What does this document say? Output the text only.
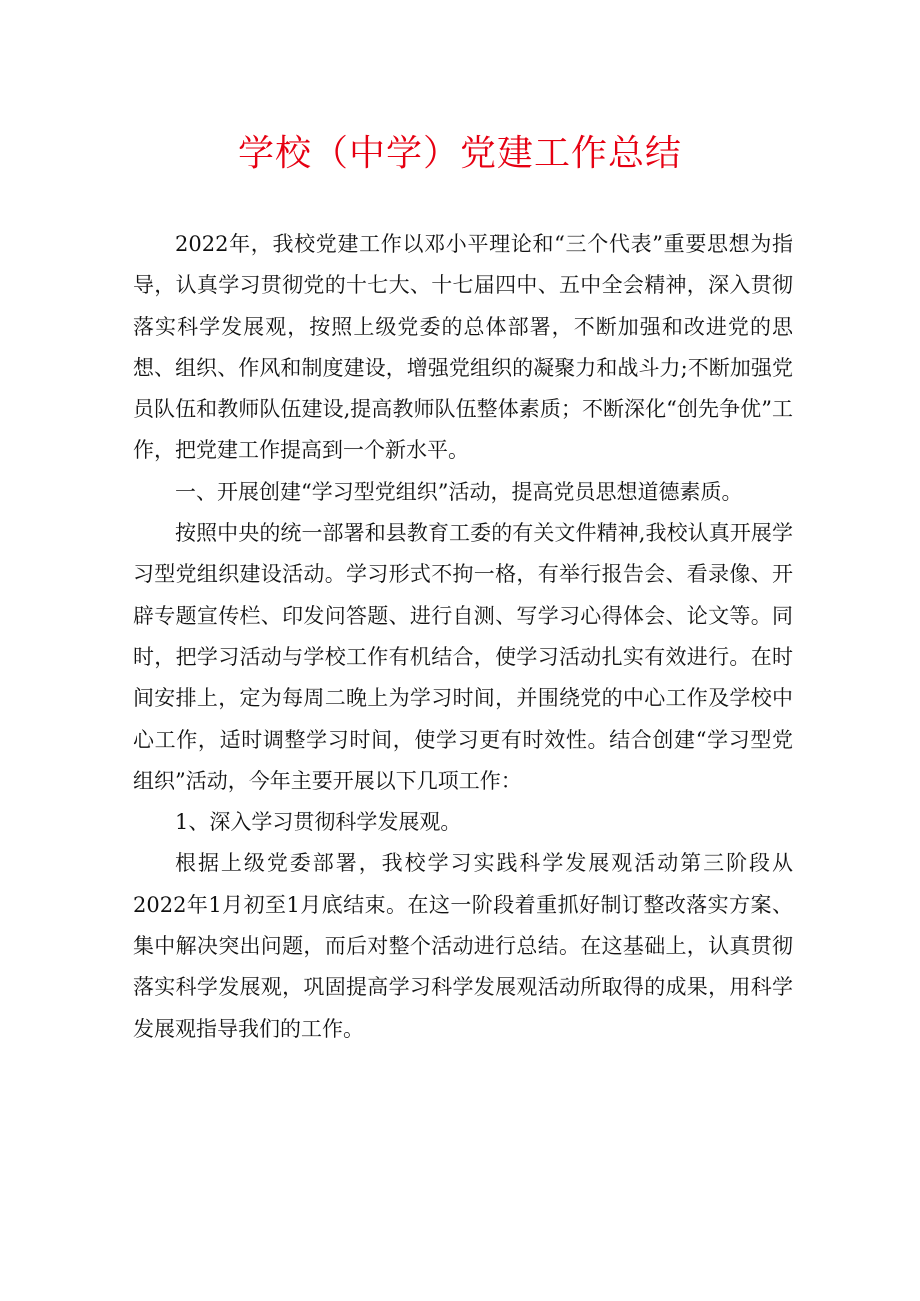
学校（中学）党建工作总结

2022年，我校党建工作以邓小平理论和“三个代表”重要思想为指导，认真学习贯彻党的十七大、十七届四中、五中全会精神，深入贯彻落实科学发展观，按照上级党委的总体部署，不断加强和改进党的思想、组织、作风和制度建设，增强党组织的凝聚力和战斗力;不断加强党员队伍和教师队伍建设,提高教师队伍整体素质；不断深化“创先争优”工作，把党建工作提高到一个新水平。

一、开展创建“学习型党组织”活动，提高党员思想道德素质。

按照中央的统一部署和县教育工委的有关文件精神,我校认真开展学习型党组织建设活动。学习形式不拘一格，有举行报告会、看录像、开辟专题宣传栏、印发问答题、进行自测、写学习心得体会、论文等。同时，把学习活动与学校工作有机结合，使学习活动扎实有效进行。在时间安排上，定为每周二晚上为学习时间，并围绕党的中心工作及学校中心工作，适时调整学习时间，使学习更有时效性。结合创建“学习型党组织”活动，今年主要开展以下几项工作：

1、深入学习贯彻科学发展观。

根据上级党委部署，我校学习实践科学发展观活动第三阶段从2022年1月初至1月底结束。在这一阶段着重抓好制订整改落实方案、集中解决突出问题，而后对整个活动进行总结。在这基础上，认真贯彻落实科学发展观，巩固提高学习科学发展观活动所取得的成果，用科学发展观指导我们的工作。
